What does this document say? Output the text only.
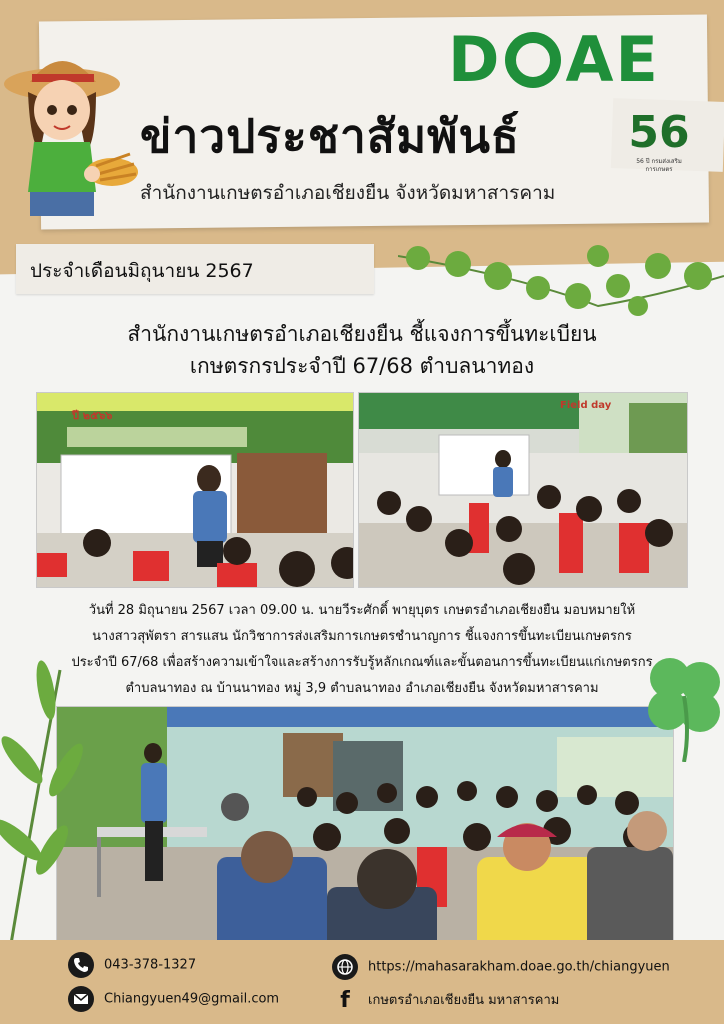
D AE
56
56 ปี กรมส่งเสริมการเกษตร
ข่าวประชาสัมพันธ์
สำนักงานเกษตรอำเภอเชียงยืน จังหวัดมหาสารคาม
ประจำเดือนมิถุนายน 2567
สำนักงานเกษตรอำเภอเชียงยืน ชี้แจงการขึ้นทะเบียน
เกษตรกรประจำปี 67/68 ตำบลนาทอง
ปี ๒๕๖๖
Field day
วันที่ 28 มิถุนายน 2567 เวลา 09.00 น. นายวีระศักดิ์ พายุบุตร เกษตรอำเภอเชียงยืน มอบหมายให้
นางสาวสุพัตรา สารแสน นักวิชาการส่งเสริมการเกษตรชำนาญการ ชี้แจงการขึ้นทะเบียนเกษตรกร
ประจำปี 67/68 เพื่อสร้างความเข้าใจและสร้างการรับรู้หลักเกณฑ์และขั้นตอนการขึ้นทะเบียนแก่เกษตรกร
ตำบลนาทอง ณ บ้านนาทอง หมู่ 3,9 ตำบลนาทอง อำเภอเชียงยืน จังหวัดมหาสารคาม
043-378-1327
Chiangyuen49@gmail.com
https://mahasarakham.doae.go.th/chiangyuen
f เกษตรอำเภอเชียงยืน มหาสารคาม
